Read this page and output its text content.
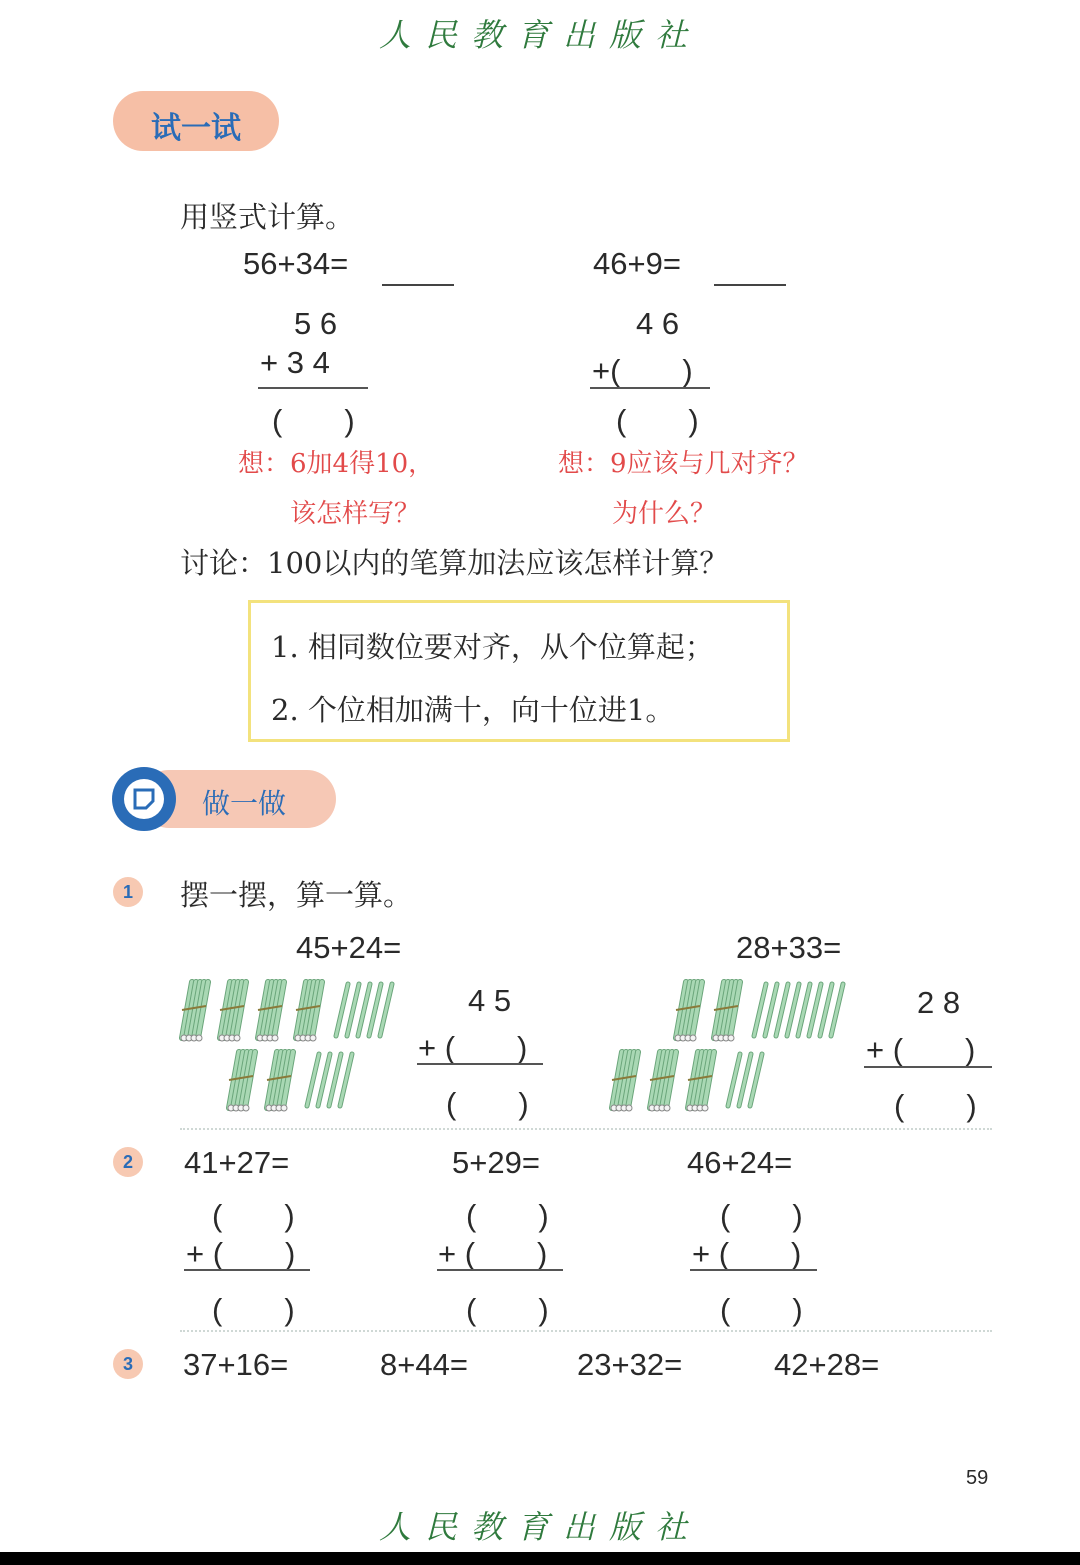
人民教育出版社
试一试
用竖式计算。
56+34=
5 6
+ 3 4
(　　)
想：6加4得10，
该怎样写？
46+9=
4 6
+(　　)
(　　)
想：9应该与几对齐？
为什么？
讨论：100以内的笔算加法应该怎样计算？
1. 相同数位要对齐，从个位算起；
2. 个位相加满十，向十位进1。
做一做
1	摆一摆，算一算。
45+24=	28+33=
4 5
+ (　　)
(　　)
2 8
+ (　　)
(　　)
2	41+27=
(　　)
+ (　　)
(　　)
5+29=
(　　)
+ (　　)
(　　)
46+24=
(　　)
+ (　　)
(　　)
3	37+16=	8+44=	23+32=	42+28=
59
人民教育出版社
